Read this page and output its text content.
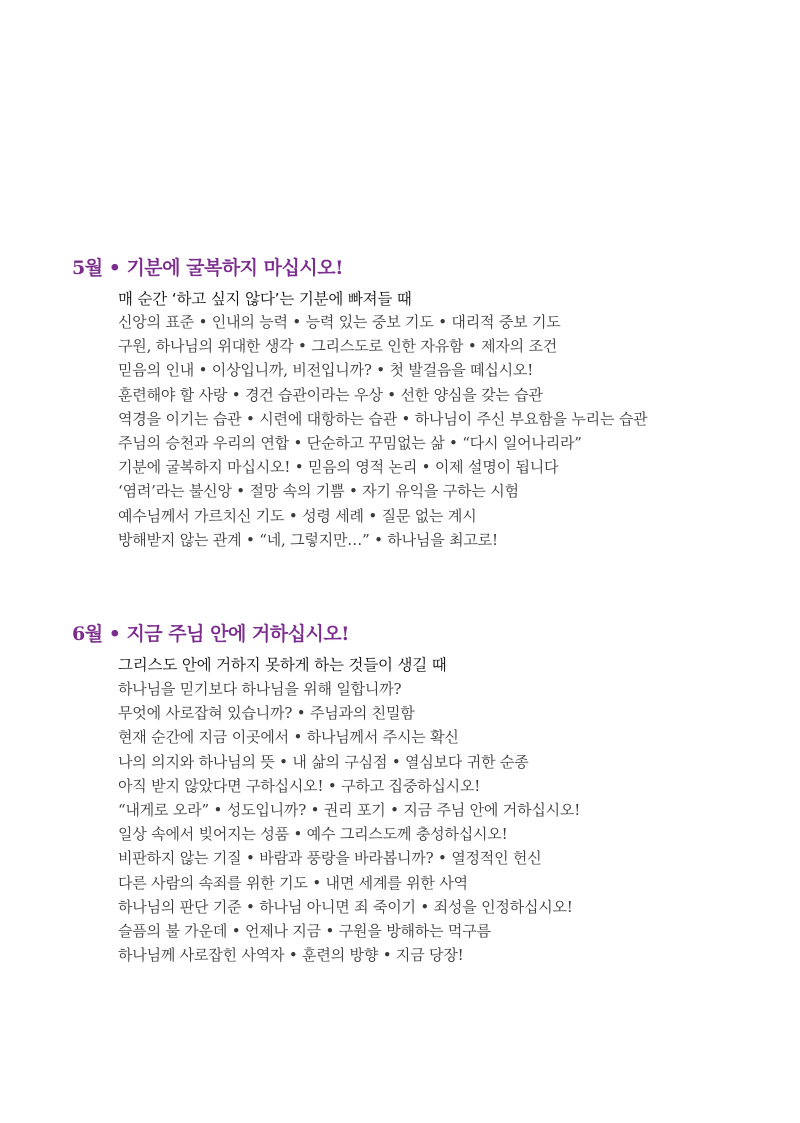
5월 • 기분에 굴복하지 마십시오!

매 순간 ‘하고 싶지 않다’는 기분에 빠져들 때

신앙의 표준 • 인내의 능력 • 능력 있는 중보 기도 • 대리적 중보 기도
구원, 하나님의 위대한 생각 • 그리스도로 인한 자유함 • 제자의 조건
믿음의 인내 • 이상입니까, 비전입니까? • 첫 발걸음을 떼십시오!
훈련해야 할 사랑 • 경건 습관이라는 우상 • 선한 양심을 갖는 습관
역경을 이기는 습관 • 시련에 대항하는 습관 • 하나님이 주신 부요함을 누리는 습관
주님의 승천과 우리의 연합 • 단순하고 꾸밈없는 삶 • “다시 일어나리라”
기분에 굴복하지 마십시오! • 믿음의 영적 논리 • 이제 설명이 됩니다
‘염려’라는 불신앙 • 절망 속의 기쁨 • 자기 유익을 구하는 시험
예수님께서 가르치신 기도 • 성령 세례 • 질문 없는 계시
방해받지 않는 관계 • “네, 그렇지만…” • 하나님을 최고로!
6월 • 지금 주님 안에 거하십시오!

그리스도 안에 거하지 못하게 하는 것들이 생길 때

하나님을 믿기보다 하나님을 위해 일합니까?
무엇에 사로잡혀 있습니까? • 주님과의 친밀함
현재 순간에 지금 이곳에서 • 하나님께서 주시는 확신
나의 의지와 하나님의 뜻 • 내 삶의 구심점 • 열심보다 귀한 순종
아직 받지 않았다면 구하십시오! • 구하고 집중하십시오!
“내게로 오라” • 성도입니까? • 권리 포기 • 지금 주님 안에 거하십시오!
일상 속에서 빚어지는 성품 • 예수 그리스도께 충성하십시오!
비판하지 않는 기질 • 바람과 풍랑을 바라봅니까? • 열정적인 헌신
다른 사람의 속죄를 위한 기도 • 내면 세계를 위한 사역
하나님의 판단 기준 • 하나님 아니면 죄 죽이기 • 죄성을 인정하십시오!
슬픔의 불 가운데 • 언제나 지금 • 구원을 방해하는 먹구름
하나님께 사로잡힌 사역자 • 훈련의 방향 • 지금 당장!
